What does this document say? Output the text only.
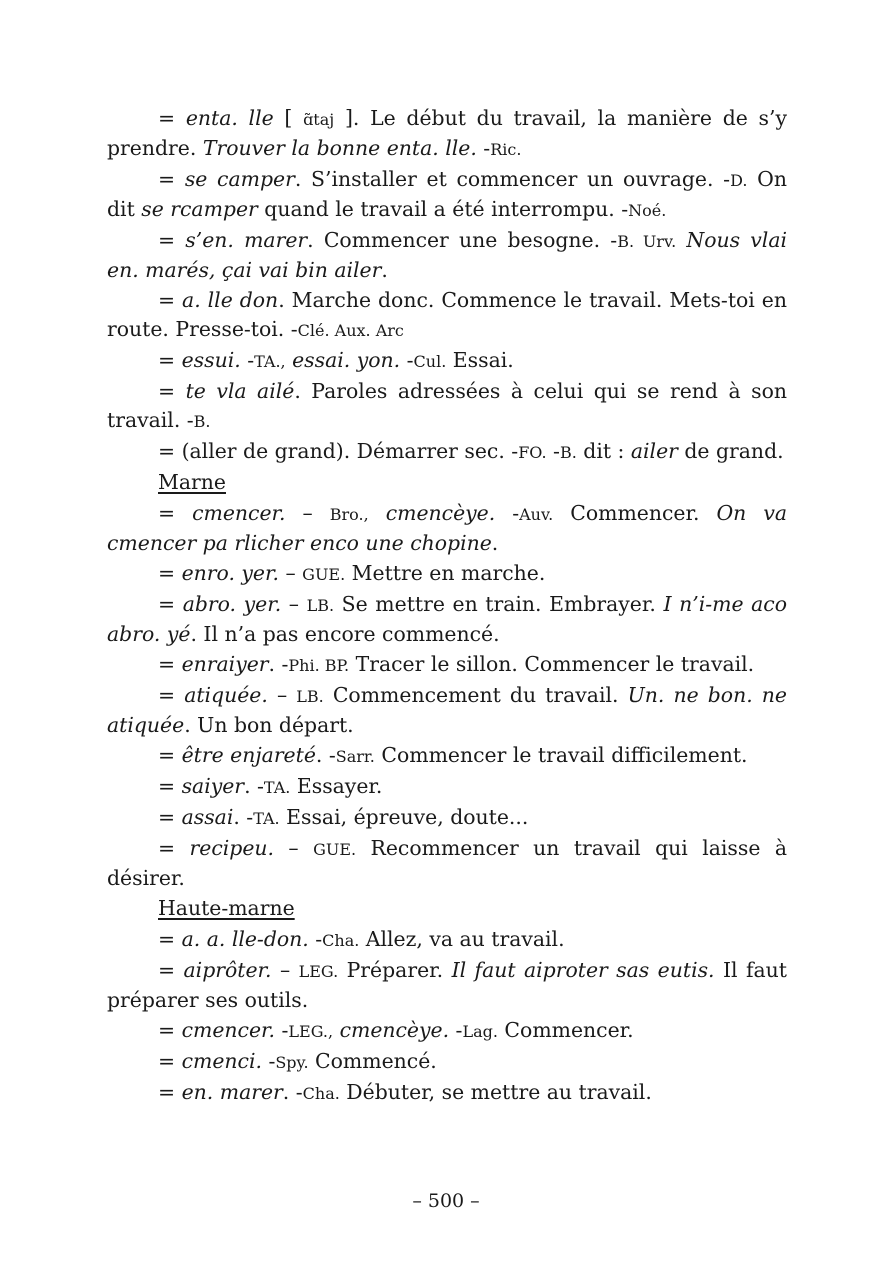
= enta. lle [ ɑ̃taj ]. Le début du travail, la manière de s’y prendre. Trouver la bonne enta. lle. -Ric.

= se camper. S’installer et commencer un ouvrage. -D. On dit se rcamper quand le travail a été interrompu. -Noé.

= s’en. marer. Commencer une besogne. -B. Urv. Nous vlai en. marés, çai vai bin ailer.

= a. lle don. Marche donc. Commence le travail. Mets-toi en route. Presse-toi. -Clé. Aux. Arc

= essui. -TA., essai. yon. -Cul. Essai.

= te vla ailé. Paroles adressées à celui qui se rend à son travail. -B.

= (aller de grand). Démarrer sec. -FO. -B. dit : ailer de grand.

Marne

= cmencer. – Bro., cmencèye. -Auv. Commencer. On va cmencer pa rlicher enco une chopine.

= enro. yer. – GUE. Mettre en marche.

= abro. yer. – LB. Se mettre en train. Embrayer. I n’i-me aco abro. yé. Il n’a pas encore commencé.

= enraiyer. -Phi. BP. Tracer le sillon. Commencer le travail.

= atiquée. – LB. Commencement du travail. Un. ne bon. ne atiquée. Un bon départ.

= être enjareté. -Sarr. Commencer le travail difficilement.

= saiyer. -TA. Essayer.

= assai. -TA. Essai, épreuve, doute...

= recipeu. – GUE. Recommencer un travail qui laisse à désirer.

Haute-marne

= a. a. lle-don. -Cha. Allez, va au travail.

= aiprôter. – LEG. Préparer. Il faut aiproter sas eutis. Il faut préparer ses outils.

= cmencer. -LEG., cmencèye. -Lag. Commencer.

= cmenci. -Spy. Commencé.

= en. marer. -Cha. Débuter, se mettre au travail.

– 500 –
